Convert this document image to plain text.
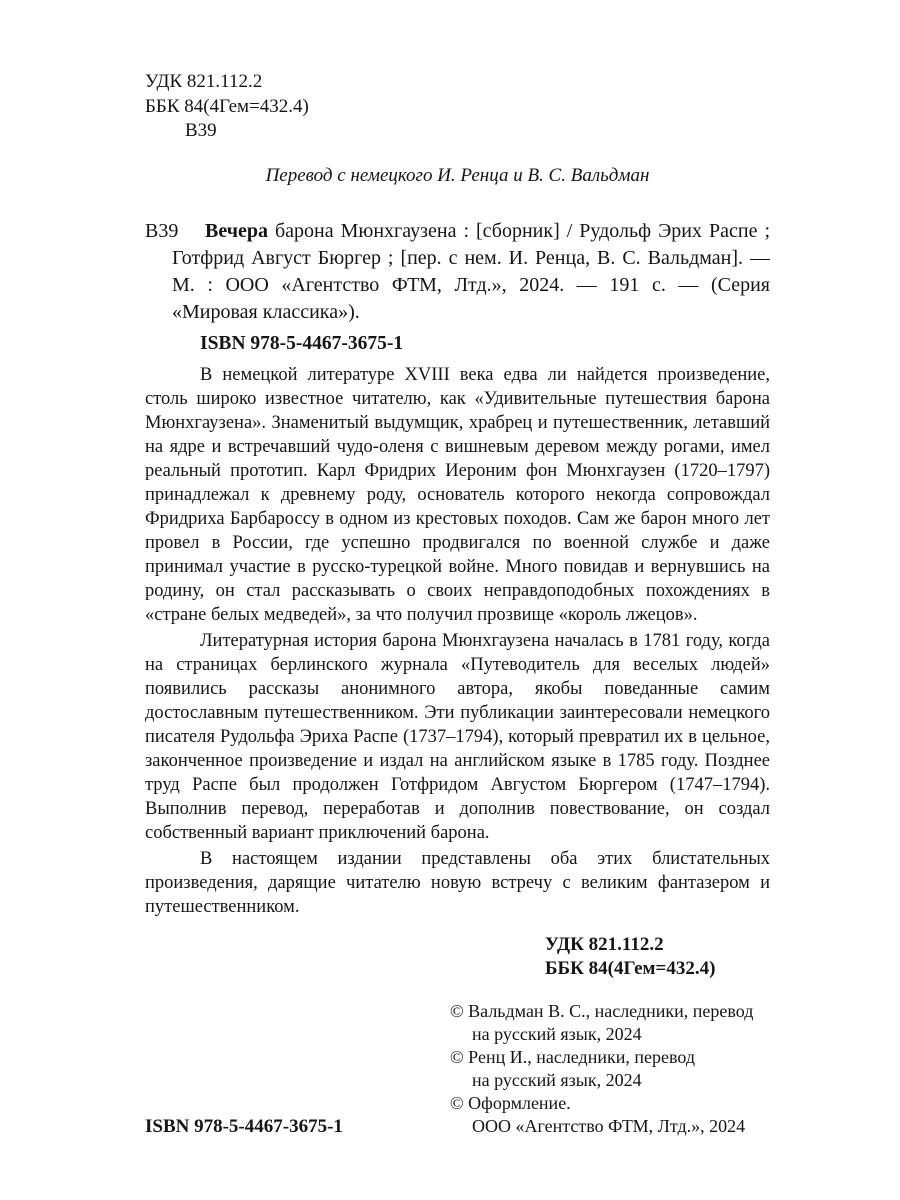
УДК 821.112.2
ББК 84(4Гем=432.4)
В39
Перевод с немецкого И. Ренца и В. С. Вальдман
В39	Вечера барона Мюнхгаузена : [сборник] / Рудольф Эрих Распе ; Готфрид Август Бюргер ; [пер. с нем. И. Ренца, В. С. Вальдман]. — М. : ООО «Агентство ФТМ, Лтд.», 2024. — 191 с. — (Серия «Мировая классика»).

ISBN 978-5-4467-3675-1

В немецкой литературе XVIII века едва ли найдется произведение, столь широко известное читателю, как «Удивительные путешествия барона Мюнхгаузена». Знаменитый выдумщик, храбрец и путешественник, летавший на ядре и встречавший чудо-оленя с вишневым деревом между рогами, имел реальный прототип. Карл Фридрих Иероним фон Мюнхгаузен (1720–1797) принадлежал к древнему роду, основатель которого некогда сопровождал Фридриха Барбароссу в одном из крестовых походов. Сам же барон много лет провел в России, где успешно продвигался по военной службе и даже принимал участие в русско-турецкой войне. Много повидав и вернувшись на родину, он стал рассказывать о своих неправдоподобных похождениях в «стране белых медведей», за что получил прозвище «король лжецов».

Литературная история барона Мюнхгаузена началась в 1781 году, когда на страницах берлинского журнала «Путеводитель для веселых людей» появились рассказы анонимного автора, якобы поведанные самим достославным путешественником. Эти публикации заинтересовали немецкого писателя Рудольфа Эриха Распе (1737–1794), который превратил их в цельное, законченное произведение и издал на английском языке в 1785 году. Позднее труд Распе был продолжен Готфридом Августом Бюргером (1747–1794). Выполнив перевод, переработав и дополнив повествование, он создал собственный вариант приключений барона.

В настоящем издании представлены оба этих блистательных произведения, дарящие читателю новую встречу с великим фантазером и путешественником.

УДК 821.112.2
ББК 84(4Гем=432.4)
ISBN 978-5-4467-3675-1
© Вальдман В. С., наследники, перевод
на русский язык, 2024
© Ренц И., наследники, перевод
на русский язык, 2024
© Оформление.
ООО «Агентство ФТМ, Лтд.», 2024
